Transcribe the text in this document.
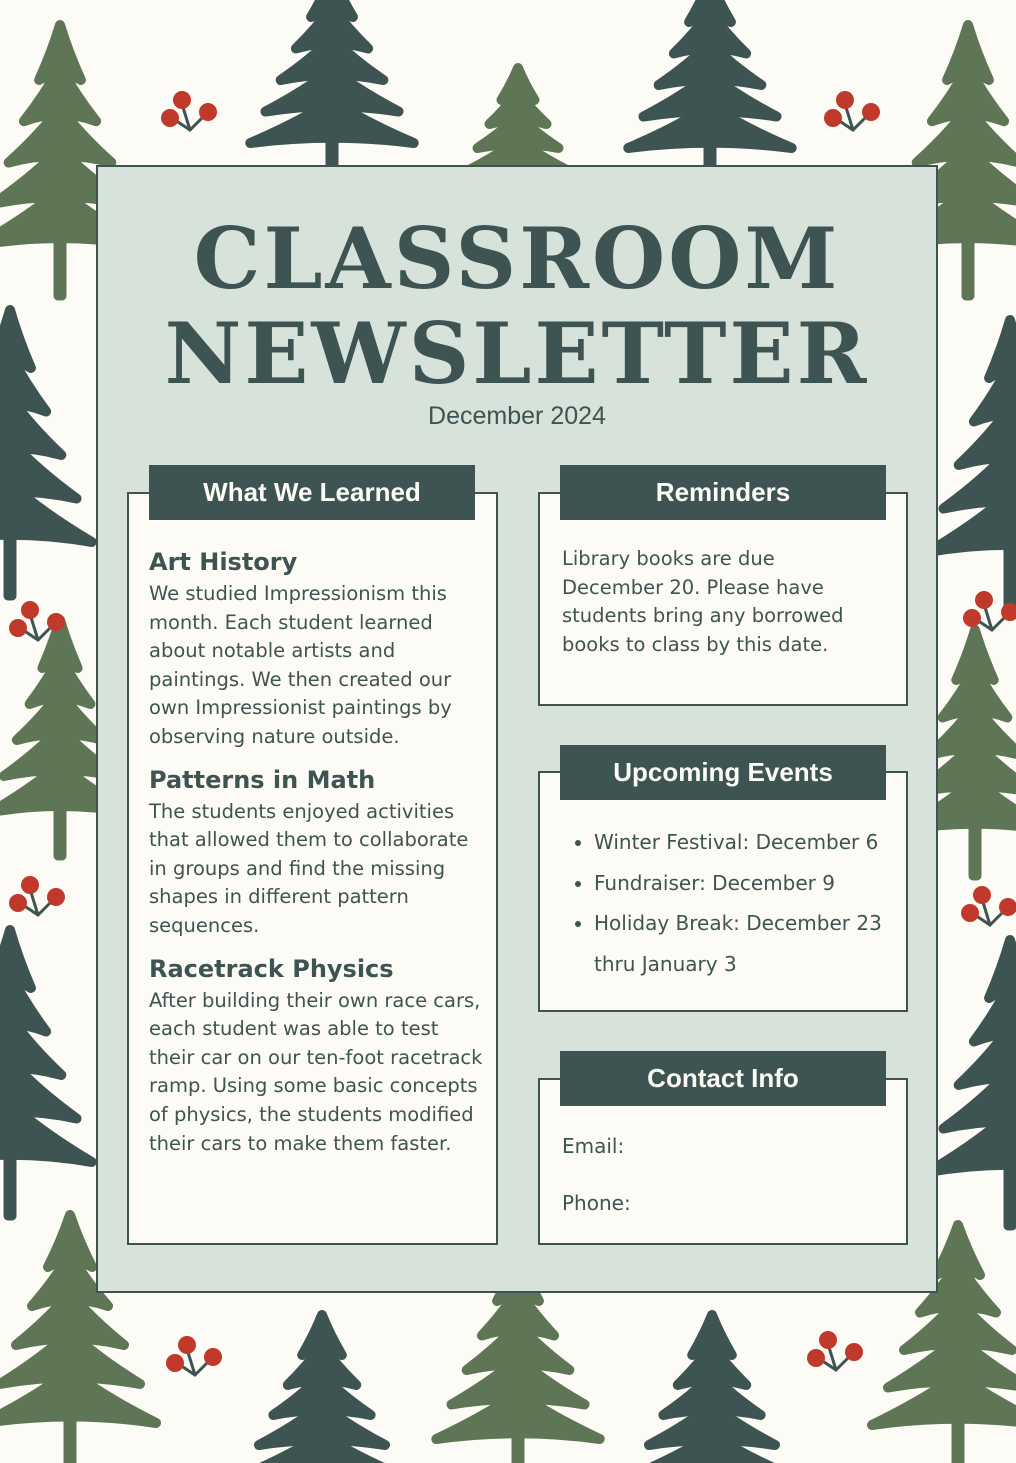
CLASSROOM
NEWSLETTER
December 2024
What We Learned

Art History

We studied Impressionism this month. Each student learned about notable artists and paintings. We then created our own Impressionist paintings by observing nature outside.

Patterns in Math

The students enjoyed activities that allowed them to collaborate in groups and find the missing shapes in different pattern sequences.

Racetrack Physics

After building their own race cars, each student was able to test their car on our ten-foot racetrack ramp. Using some basic concepts of physics, the students modified their cars to make them faster.

Reminders
Library books are due December 20. Please have students bring any borrowed books to class by this date.
Upcoming Events
• Winter Festival: December 6
• Fundraiser: December 9
• Holiday Break: December 23 thru January 3
Contact Info
Email:
Phone:
